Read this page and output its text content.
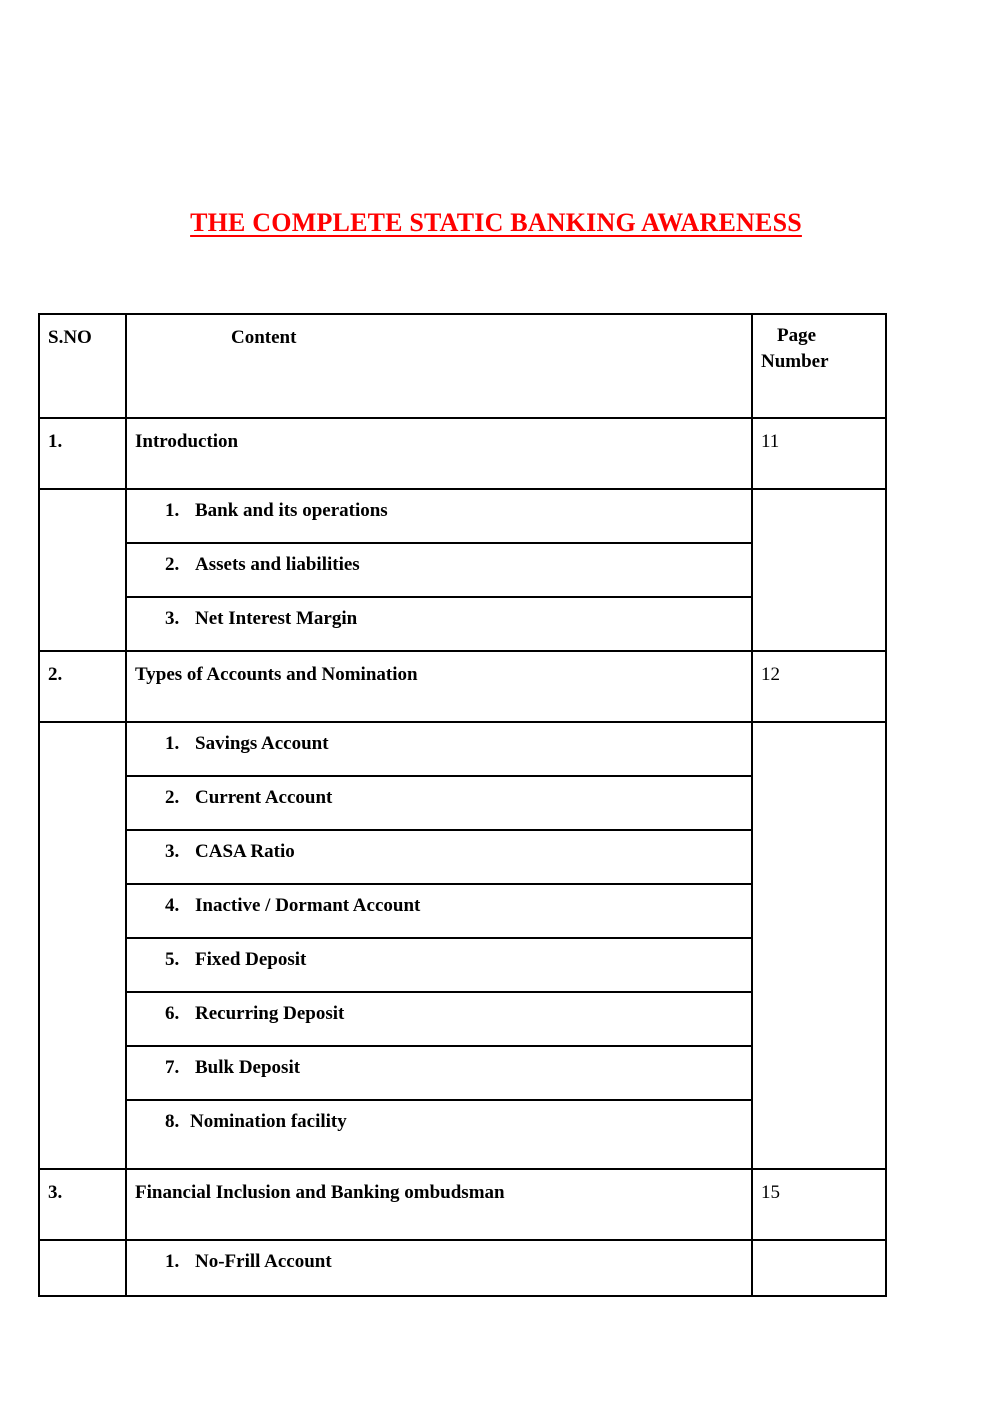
THE COMPLETE STATIC BANKING AWARENESS
S.NO	Content	Page
Number

1.	Introduction	11
	1. Bank and its operations	
	2. Assets and liabilities	
	3. Net Interest Margin	
2.	Types of Accounts and Nomination	12
	1. Savings Account	
	2. Current Account	
	3. CASA Ratio	
	4. Inactive / Dormant Account	
	5. Fixed Deposit	
	6. Recurring Deposit	
	7. Bulk Deposit	
	8. Nomination facility	
3.	Financial Inclusion and Banking ombudsman	15
	1. No-Frill Account	
